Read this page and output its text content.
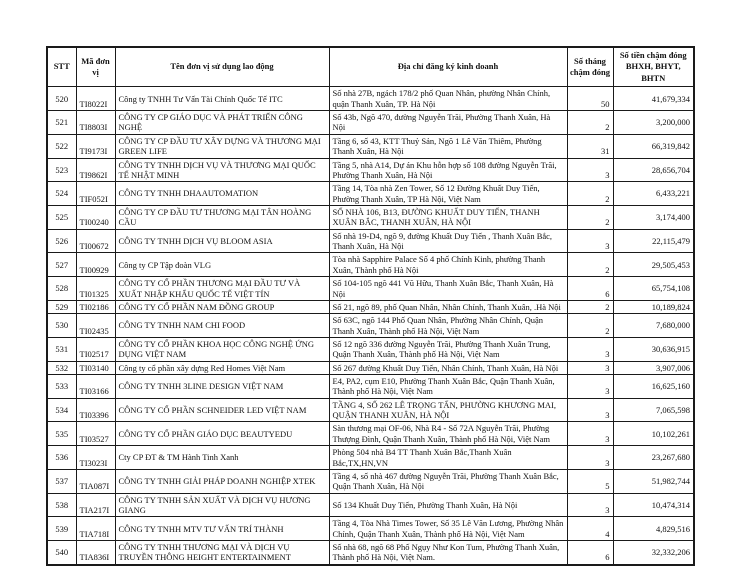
STT	Mã đơn vị	Tên đơn vị sử dụng lao động	Địa chỉ đăng ký kinh doanh	Số tháng chậm đóng	Số tiền chậm đóng BHXH, BHYT, BHTN
520	TI8022I	Công ty TNHH Tư Vấn Tài Chính Quốc Tế ITC	Số nhà 27B, ngách 178/2 phố Quan Nhân, phường Nhân Chính, quận Thanh Xuân, TP. Hà Nội	50	41,679,334
521	TI8803I	CÔNG TY CP GIÁO DỤC VÀ PHÁT TRIỂN CÔNG NGHỆ	Số 43b, Ngõ 470, đường Nguyễn Trãi, Phường Thanh Xuân, Hà Nội	2	3,200,000
522	TI9173I	CÔNG TY CP ĐẦU TƯ XÂY DỰNG VÀ THƯƠNG MẠI GREEN LIFE	Tầng 6, số 43, KTT Thuỷ Sản, Ngõ 1 Lê Văn Thiêm, Phường Thanh Xuân, Hà Nội	31	66,319,842
523	TI9862I	CÔNG TY TNHH DỊCH VỤ VÀ THƯƠNG MẠI QUỐC TẾ NHẬT MINH	Tầng 5, nhà A14, Dự án Khu hỗn hợp số 108 đường Nguyễn Trãi, Phường Thanh Xuân, Hà Nội	3	28,656,704
524	TIF052I	CÔNG TY TNHH DHAAUTOMATION	Tầng 14, Tòa nhà Zen Tower, Số 12 Đường Khuất Duy Tiến, Phường Thanh Xuân, TP Hà Nội, Việt Nam	2	6,433,221
525	TI00240	CÔNG TY CP ĐẦU TƯ THƯƠNG MẠI TÂN HOÀNG CẦU	SỐ NHÀ 106, B13, ĐƯỜNG KHUẤT DUY TIẾN, THANH XUÂN BẮC, THANH XUÂN, HÀ NỘI	2	3,174,400
526	TI00672	CÔNG TY TNHH DỊCH VỤ BLOOM ASIA	Số nhà 19-D4, ngõ 9, đường Khuất Duy Tiến , Thanh Xuân Bắc, Thanh Xuân, Hà Nội	3	22,115,479
527	TI00929	Công ty CP Tập đoàn VLG	Tòa nhà Sapphire Palace Số 4 phố Chính Kinh, phường Thanh Xuân, Thành phố Hà Nội	2	29,505,453
528	TI01325	CÔNG TY CỔ PHẦN THƯƠNG MẠI ĐẦU TƯ VÀ XUẤT NHẬP KHẨU QUỐC TẾ VIỆT TÍN	Số 104-105 ngõ 441 Vũ Hữu, Thanh Xuân Bắc, Thanh Xuân, Hà Nội	6	65,754,108
529	TI02186	CÔNG TY CỔ PHẦN NAM ĐỒNG GROUP	Số 21, ngõ 89, phố Quan Nhân, Nhân Chính, Thanh Xuân, .Hà Nội	2	10,189,824
530	TI02435	CÔNG TY TNHH NAM CHI FOOD	Số 63C, ngõ 144 Phố Quan Nhân, Phường Nhân Chính, Quận Thanh Xuân, Thành phố Hà Nội, Việt Nam	2	7,680,000
531	TI02517	CÔNG TY CỔ PHẦN KHOA HỌC CÔNG NGHỆ ỨNG DỤNG VIỆT NAM	Số 12 ngõ 336 đường Nguyễn Trãi, Phường Thanh Xuân Trung, Quận Thanh Xuân, Thành phố Hà Nội, Việt Nam	3	30,636,915
532	TI03140	Công ty cổ phần xây dựng Red Homes Việt Nam	Số 267 đường Khuất Duy Tiến, Nhân Chính, Thanh Xuân, Hà Nội	3	3,907,006
533	TI03166	CÔNG TY TNHH 3LINE DESIGN VIỆT NAM	E4, PA2, cụm E10, Phường Thanh Xuân Bắc, Quận Thanh Xuân, Thành phố Hà Nội, Việt Nam	3	16,625,160
534	TI03396	CÔNG TY CỔ PHẦN SCHNEIDER LED VIỆT NAM	TẦNG 4, SỐ 262 LÊ TRỌNG TẤN, PHƯỜNG KHƯƠNG MAI, QUẬN THANH XUÂN, HÀ NỘI	3	7,065,598
535	TI03527	CÔNG TY CỔ PHẦN GIÁO DỤC BEAUTYEDU	Sàn thương mại OF-06, Nhà R4 - Số 72A Nguyễn Trãi, Phường Thượng Đình, Quận Thanh Xuân, Thành phố Hà Nội, Việt Nam	3	10,102,261
536	TI3023I	Cty CP ĐT & TM Hành Tinh Xanh	Phòng 504 nhà B4 TT Thanh Xuân Bắc,Thanh Xuân Bắc,TX,HN,VN	3	23,267,680
537	TIA087I	CÔNG TY TNHH GIẢI PHÁP DOANH NGHIỆP XTEK	Tầng 4, số nhà 467 đường Nguyễn Trãi, Phường Thanh Xuân Bắc, Quận Thanh Xuân, Hà Nội	5	51,982,744
538	TIA217I	CÔNG TY TNHH SẢN XUẤT VÀ DỊCH VỤ HƯƠNG GIANG	Số 134 Khuất Duy Tiến, Phường Thanh Xuân, Hà Nội	3	10,474,314
539	TIA718I	CÔNG TY TNHH MTV TƯ VẤN TRÍ THÀNH	Tầng 4, Tòa Nhà Times Tower, Số 35 Lê Văn Lương, Phường Nhân Chính, Quận Thanh Xuân, Thành phố Hà Nội, Việt Nam	4	4,829,516
540	TIA836I	CÔNG TY TNHH THƯƠNG MẠI VÀ DỊCH VỤ TRUYỀN THÔNG HEIGHT ENTERTAINMENT	Số nhà 68, ngõ 68 Phố Ngụy Như Kon Tum, Phường Thanh Xuân, Thành phố Hà Nội, Việt Nam.	6	32,332,206
